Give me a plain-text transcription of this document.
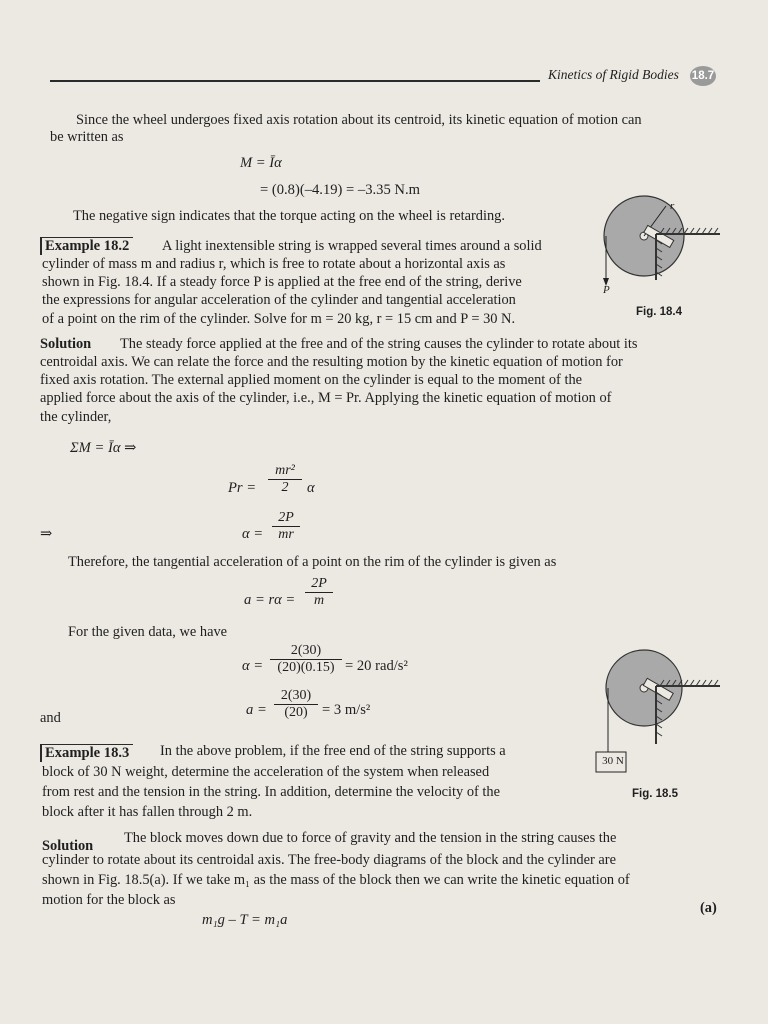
Kinetics of Rigid Bodies 18.7
Since the wheel undergoes fixed axis rotation about its centroid, its kinetic equation of motion can
be written as
M = Īα
= (0.8)(–4.19) = –3.35 N.m
The negative sign indicates that the torque acting on the wheel is retarding.
Example 18.2 A light inextensible string is wrapped several times around a solid
cylinder of mass m and radius r, which is free to rotate about a horizontal axis as
shown in Fig. 18.4. If a steady force P is applied at the free end of the string, derive
the expressions for angular acceleration of the cylinder and tangential acceleration
of a point on the rim of the cylinder. Solve for m = 20 kg, r = 15 cm and P = 30 N.
r
P
Fig. 18.4
Solution The steady force applied at the free and of the string causes the cylinder to rotate about its
centroidal axis. We can relate the force and the resulting motion by the kinetic equation of motion for
fixed axis rotation. The external applied moment on the cylinder is equal to the moment of the
applied force about the axis of the cylinder, i.e., M = Pr. Applying the kinetic equation of motion of
the cylinder,
ΣM = Īα ⇒
$Pr = \frac{\text{mr²}}{2}$ α
⇒	$\alpha = \frac{2P}{mr}$
Therefore, the tangential acceleration of a point on the rim of the cylinder is given as
$a = r\alpha = \frac{2P}{m}$
For the given data, we have
$\alpha = \frac{2(30)}{(20)(0.15)} = 20$ rad/s²
and	$a = \frac{2(30)}{(20)} = 3$ m/s²
30 N
Fig. 18.5
Example 18.3 In the above problem, if the free end of the string supports a
block of 30 N weight, determine the acceleration of the system when released
from rest and the tension in the string. In addition, determine the velocity of the
block after it has fallen through 2 m.
Solution The block moves down due to force of gravity and the tension in the string causes the
cylinder to rotate about its centroidal axis. The free-body diagrams of the block and the cylinder are
shown in Fig. 18.5(a). If we take m₁ as the mass of the block then we can write the kinetic equation of
motion for the block as
m₁g – T = m₁a
(a)
